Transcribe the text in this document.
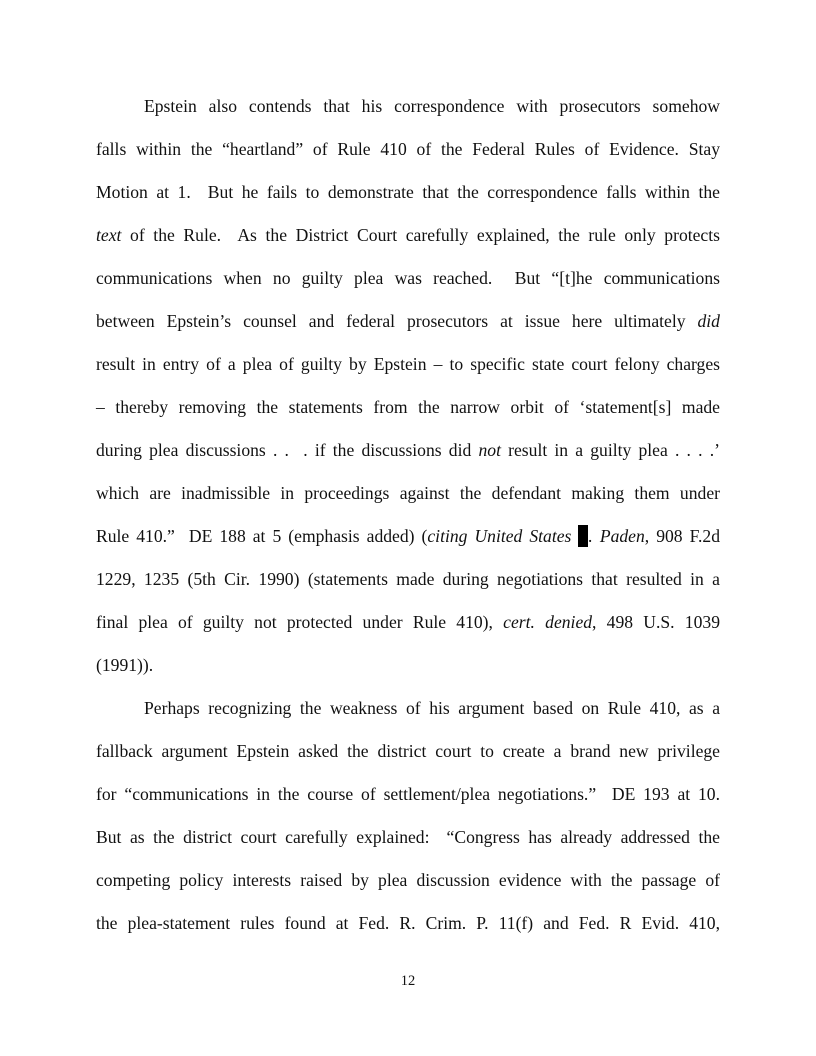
Epstein also contends that his correspondence with prosecutors somehow
falls within the “heartland” of Rule 410 of the Federal Rules of Evidence. Stay
Motion at 1.  But he fails to demonstrate that the correspondence falls within the
text of the Rule.  As the District Court carefully explained, the rule only protects
communications when no guilty plea was reached.  But “[t]he communications
between Epstein’s counsel and federal prosecutors at issue here ultimately did
result in entry of a plea of guilty by Epstein – to specific state court felony charges
– thereby removing the statements from the narrow orbit of ‘statement[s] made
during plea discussions . .  . if the discussions did not result in a guilty plea . . . .’
which are inadmissible in proceedings against the defendant making them under
Rule 410.”  DE 188 at 5 (emphasis added) (citing United States . Paden, 908 F.2d
1229, 1235 (5th Cir. 1990) (statements made during negotiations that resulted in a
final plea of guilty not protected under Rule 410), cert. denied, 498 U.S. 1039
(1991)).
Perhaps recognizing the weakness of his argument based on Rule 410, as a
fallback argument Epstein asked the district court to create a brand new privilege
for “communications in the course of settlement/plea negotiations.”  DE 193 at 10.
But as the district court carefully explained:  “Congress has already addressed the
competing policy interests raised by plea discussion evidence with the passage of
the plea-statement rules found at Fed. R. Crim. P. 11(f) and Fed. R Evid. 410,
12
